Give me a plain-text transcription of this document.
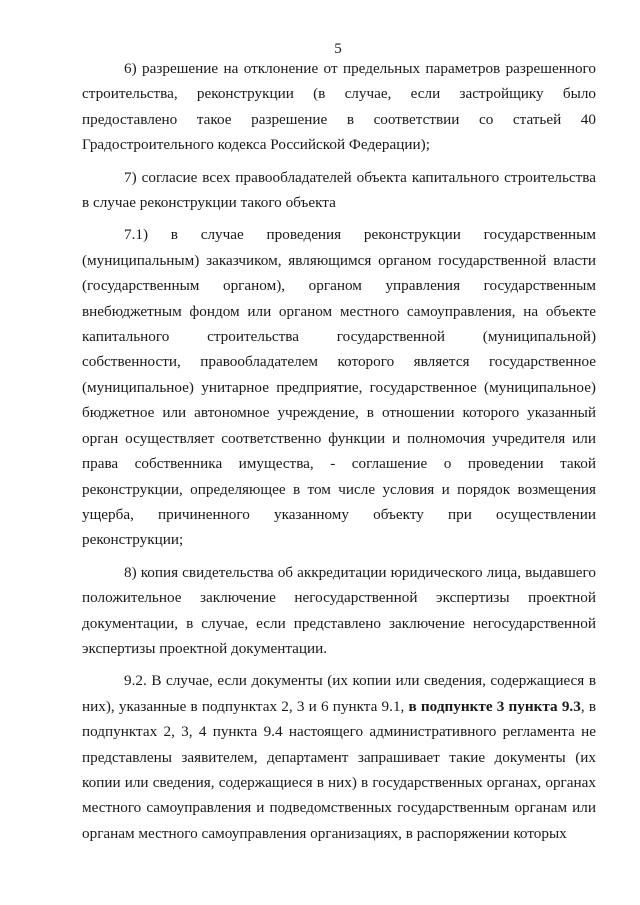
5

6) разрешение на отклонение от предельных параметров разрешенного строительства, реконструкции (в случае, если застройщику было предоставлено такое разрешение в соответствии со статьей 40 Градостроительного кодекса Российской Федерации);

7) согласие всех правообладателей объекта капитального строительства в случае реконструкции такого объекта

7.1) в случае проведения реконструкции государственным (муниципальным) заказчиком, являющимся органом государственной власти (государственным органом), органом управления государственным внебюджетным фондом или органом местного самоуправления, на объекте капитального строительства государственной (муниципальной) собственности, правообладателем которого является государственное (муниципальное) унитарное предприятие, государственное (муниципальное) бюджетное или автономное учреждение, в отношении которого указанный орган осуществляет соответственно функции и полномочия учредителя или права собственника имущества, - соглашение о проведении такой реконструкции, определяющее в том числе условия и порядок возмещения ущерба, причиненного указанному объекту при осуществлении реконструкции;

8) копия свидетельства об аккредитации юридического лица, выдавшего положительное заключение негосударственной экспертизы проектной документации, в случае, если представлено заключение негосударственной экспертизы проектной документации.

9.2. В случае, если документы (их копии или сведения, содержащиеся в них), указанные в подпунктах 2, 3 и 6 пункта 9.1, в подпункте 3 пункта 9.3, в подпунктах 2, 3, 4 пункта 9.4 настоящего административного регламента не представлены заявителем, департамент запрашивает такие документы (их копии или сведения, содержащиеся в них) в государственных органах, органах местного самоуправления и подведомственных государственным органам или органам местного самоуправления организациях, в распоряжении которых
